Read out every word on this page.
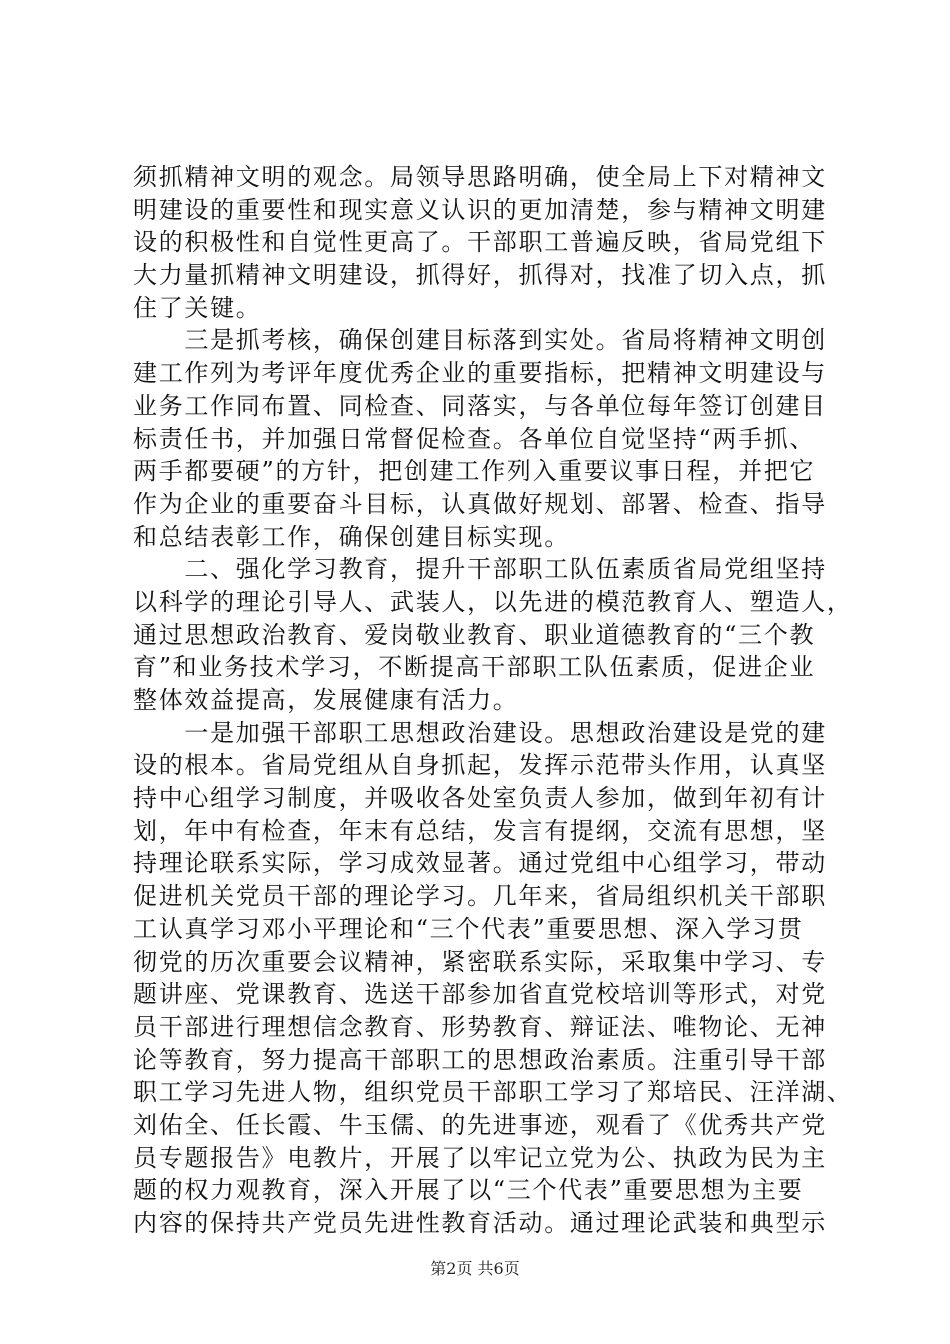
须抓精神文明的观念。局领导思路明确，使全局上下对精神文
明建设的重要性和现实意义认识的更加清楚，参与精神文明建
设的积极性和自觉性更高了。干部职工普遍反映，省局党组下
大力量抓精神文明建设，抓得好，抓得对，找准了切入点，抓
住了关键。
　　三是抓考核，确保创建目标落到实处。省局将精神文明创
建工作列为考评年度优秀企业的重要指标，把精神文明建设与
业务工作同布置、同检查、同落实，与各单位每年签订创建目
标责任书，并加强日常督促检查。各单位自觉坚持“两手抓、
两手都要硬”的方针，把创建工作列入重要议事日程，并把它
作为企业的重要奋斗目标，认真做好规划、部署、检查、指导
和总结表彰工作，确保创建目标实现。
　　二、强化学习教育，提升干部职工队伍素质省局党组坚持
以科学的理论引导人、武装人，以先进的模范教育人、塑造人，
通过思想政治教育、爱岗敬业教育、职业道德教育的“三个教
育”和业务技术学习，不断提高干部职工队伍素质，促进企业
整体效益提高，发展健康有活力。
　　一是加强干部职工思想政治建设。思想政治建设是党的建
设的根本。省局党组从自身抓起，发挥示范带头作用，认真坚
持中心组学习制度，并吸收各处室负责人参加，做到年初有计
划，年中有检查，年末有总结，发言有提纲，交流有思想，坚
持理论联系实际，学习成效显著。通过党组中心组学习，带动
促进机关党员干部的理论学习。几年来，省局组织机关干部职
工认真学习邓小平理论和“三个代表”重要思想、深入学习贯
彻党的历次重要会议精神，紧密联系实际，采取集中学习、专
题讲座、党课教育、选送干部参加省直党校培训等形式，对党
员干部进行理想信念教育、形势教育、辩证法、唯物论、无神
论等教育，努力提高干部职工的思想政治素质。注重引导干部
职工学习先进人物，组织党员干部职工学习了郑培民、汪洋湖、
刘佑全、任长霞、牛玉儒、的先进事迹，观看了《优秀共产党
员专题报告》电教片，开展了以牢记立党为公、执政为民为主
题的权力观教育，深入开展了以“三个代表”重要思想为主要
内容的保持共产党员先进性教育活动。通过理论武装和典型示
第2页 共6页
